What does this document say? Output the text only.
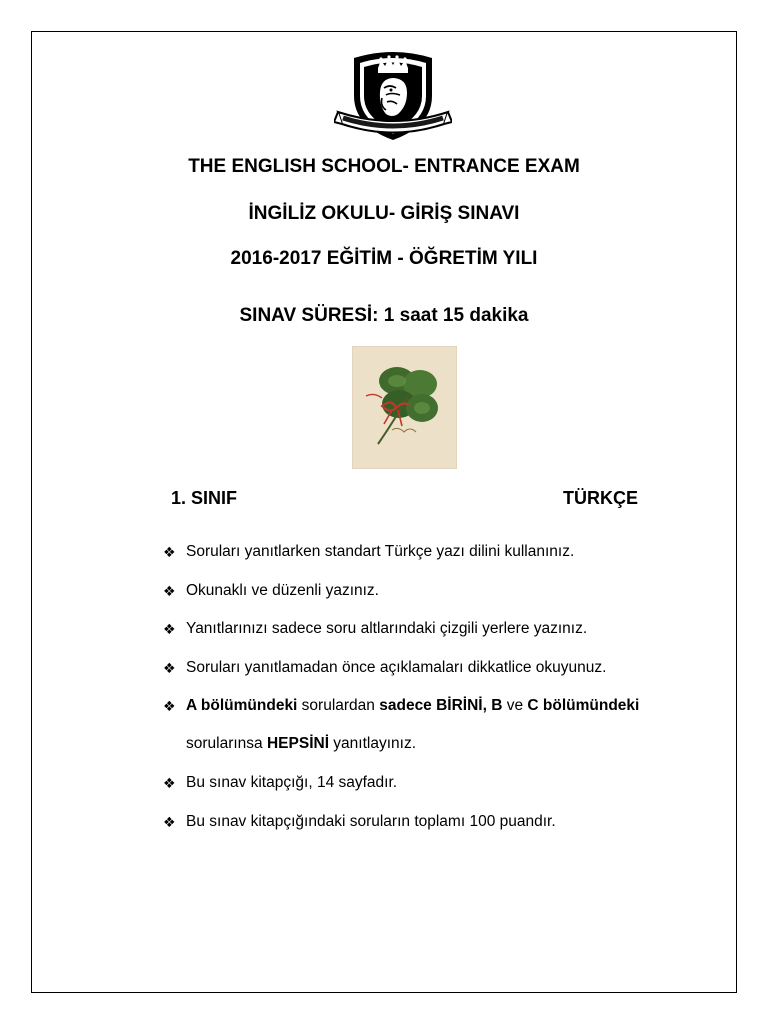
THE ENGLISH SCHOOL- ENTRANCE EXAM
İNGİLİZ OKULU- GİRİŞ SINAVI
2016-2017 EĞİTİM - ÖĞRETİM YILI
SINAV SÜRESİ: 1 saat 15 dakika
1. SINIF	TÜRKÇE
❖ Soruları yanıtlarken standart Türkçe yazı dilini kullanınız.
❖ Okunaklı ve düzenli yazınız.
❖ Yanıtlarınızı sadece soru altlarındaki çizgili yerlere yazınız.
❖ Soruları yanıtlamadan önce açıklamaları dikkatlice okuyunuz.
❖ A bölümündeki sorulardan sadece BİRİNİ, B ve C bölümündeki
sorularınsa HEPSİNİ yanıtlayınız.
❖ Bu sınav kitapçığı, 14 sayfadır.
❖ Bu sınav kitapçığındaki soruların toplamı 100 puandır.
